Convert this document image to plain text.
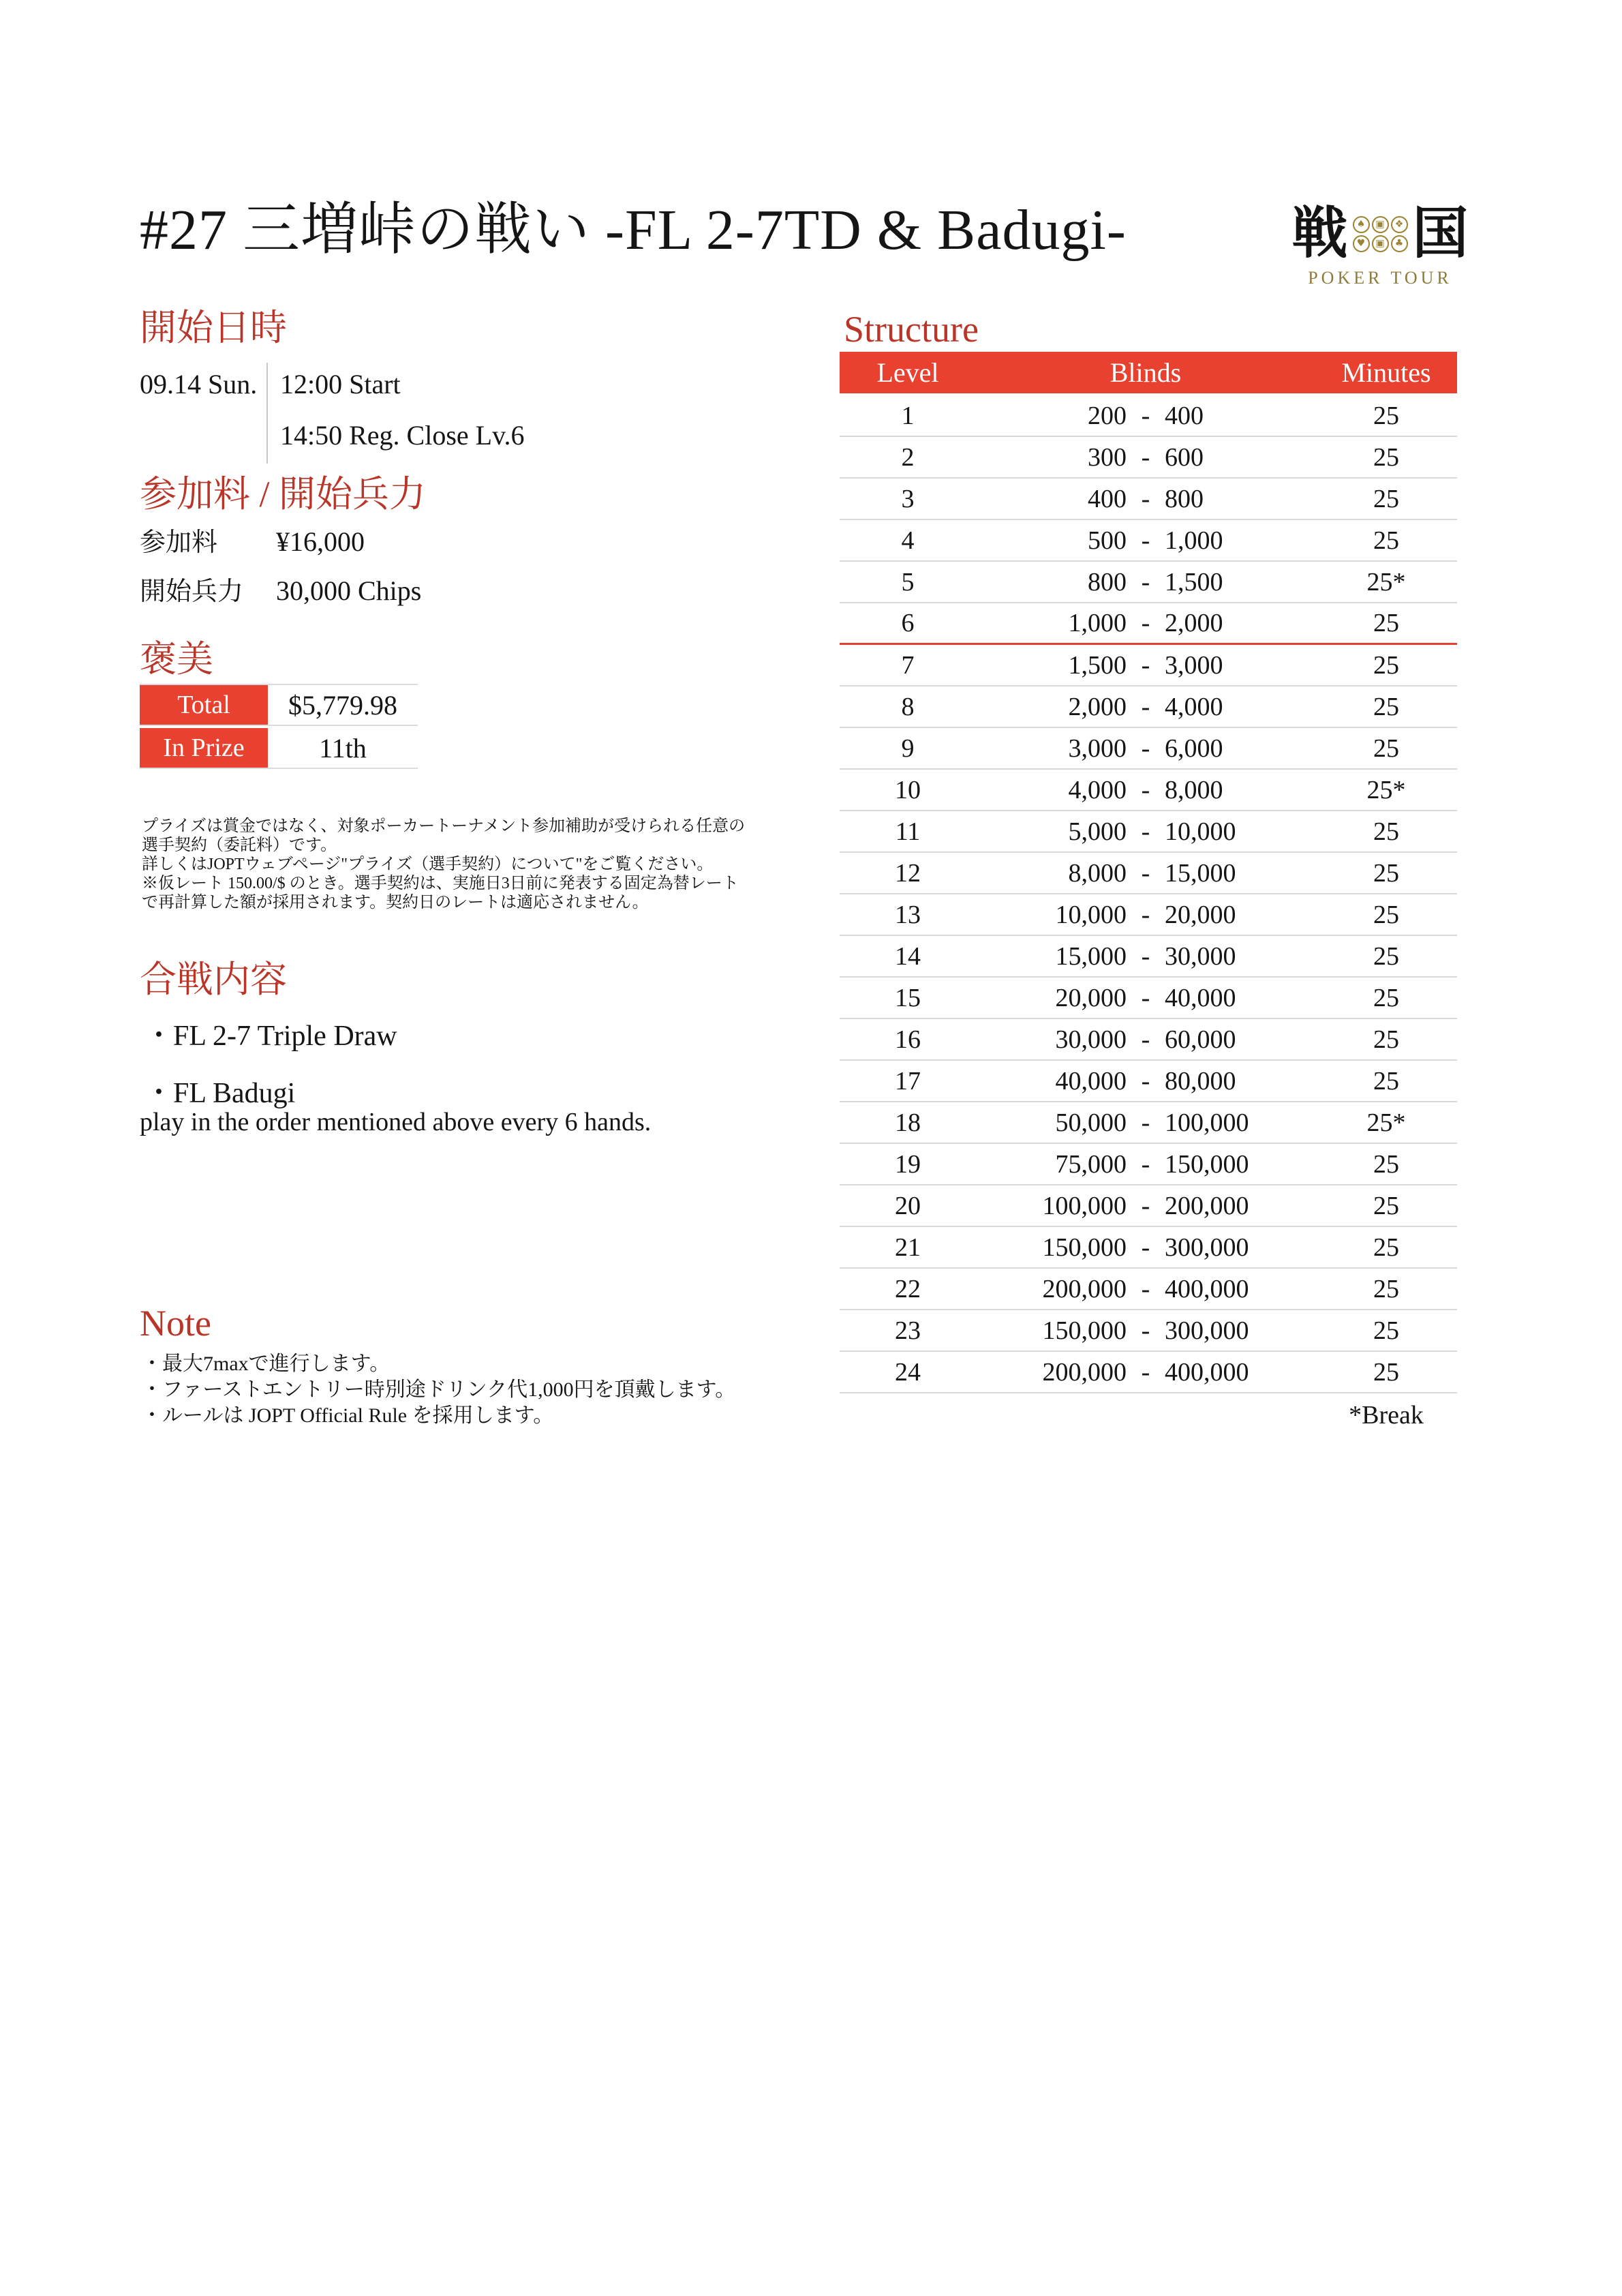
#27 三増峠の戦い -FL 2-7TD & Badugi-	戦 ♠	▣	❖
♥	▣	♣ 国
POKER TOUR
開始日時
09.14 Sun. 12:00 Start
14:50 Reg. Close Lv.6
参加料 / 開始兵力
参加料	¥16,000
開始兵力	30,000 Chips
褒美
Total	$5,779.98
In Prize	11th
プライズは賞金ではなく、対象ポーカートーナメント参加補助が受けられる任意の
選手契約（委託料）です。
詳しくはJOPTウェブページ"プライズ（選手契約）について"をご覧ください。
※仮レート 150.00/$ のとき。選手契約は、実施日3日前に発表する固定為替レート
で再計算した額が採用されます。契約日のレートは適応されません。
合戦内容
・FL 2-7 Triple Draw
・FL Badugi
play in the order mentioned above every 6 hands.
Note
・最大7maxで進行します。
・ファーストエントリー時別途ドリンク代1,000円を頂戴します。
・ルールは JOPT Official Rule を採用します。
Structure
Level	Blinds	Minutes
1	200 - 400	25
2	300 - 600	25
3	400 - 800	25
4	500 - 1,000	25
5	800 - 1,500	25*
6	1,000 - 2,000	25
7	1,500 - 3,000	25
8	2,000 - 4,000	25
9	3,000 - 6,000	25
10	4,000 - 8,000	25*
11	5,000 - 10,000	25
12	8,000 - 15,000	25
13	10,000 - 20,000	25
14	15,000 - 30,000	25
15	20,000 - 40,000	25
16	30,000 - 60,000	25
17	40,000 - 80,000	25
18	50,000 - 100,000	25*
19	75,000 - 150,000	25
20	100,000 - 200,000	25
21	150,000 - 300,000	25
22	200,000 - 400,000	25
23	150,000 - 300,000	25
24	200,000 - 400,000	25
*Break
